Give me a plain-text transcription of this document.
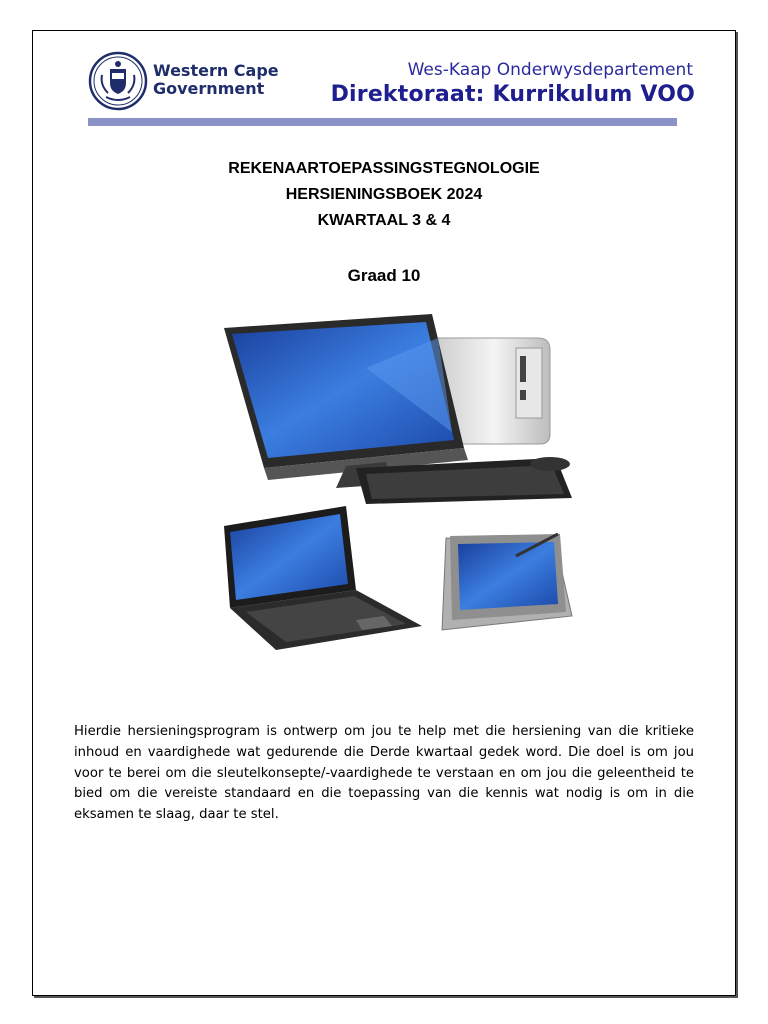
Western Cape
Government
Wes-Kaap Onderwysdepartement
Direktoraat: Kurrikulum VOO
REKENAARTOEPASSINGSTEGNOLOGIE
HERSIENINGSBOEK 2024
KWARTAAL 3 & 4
Graad 10
Hierdie hersieningsprogram is ontwerp om jou te help met die hersiening van die kritieke inhoud en vaardighede wat gedurende die Derde kwartaal gedek word. Die doel is om jou voor te berei om die sleutelkonsepte/-vaardighede te verstaan en om jou die geleentheid te bied om die vereiste standaard en die toepassing van die kennis wat nodig is om in die eksamen te slaag, daar te stel.
